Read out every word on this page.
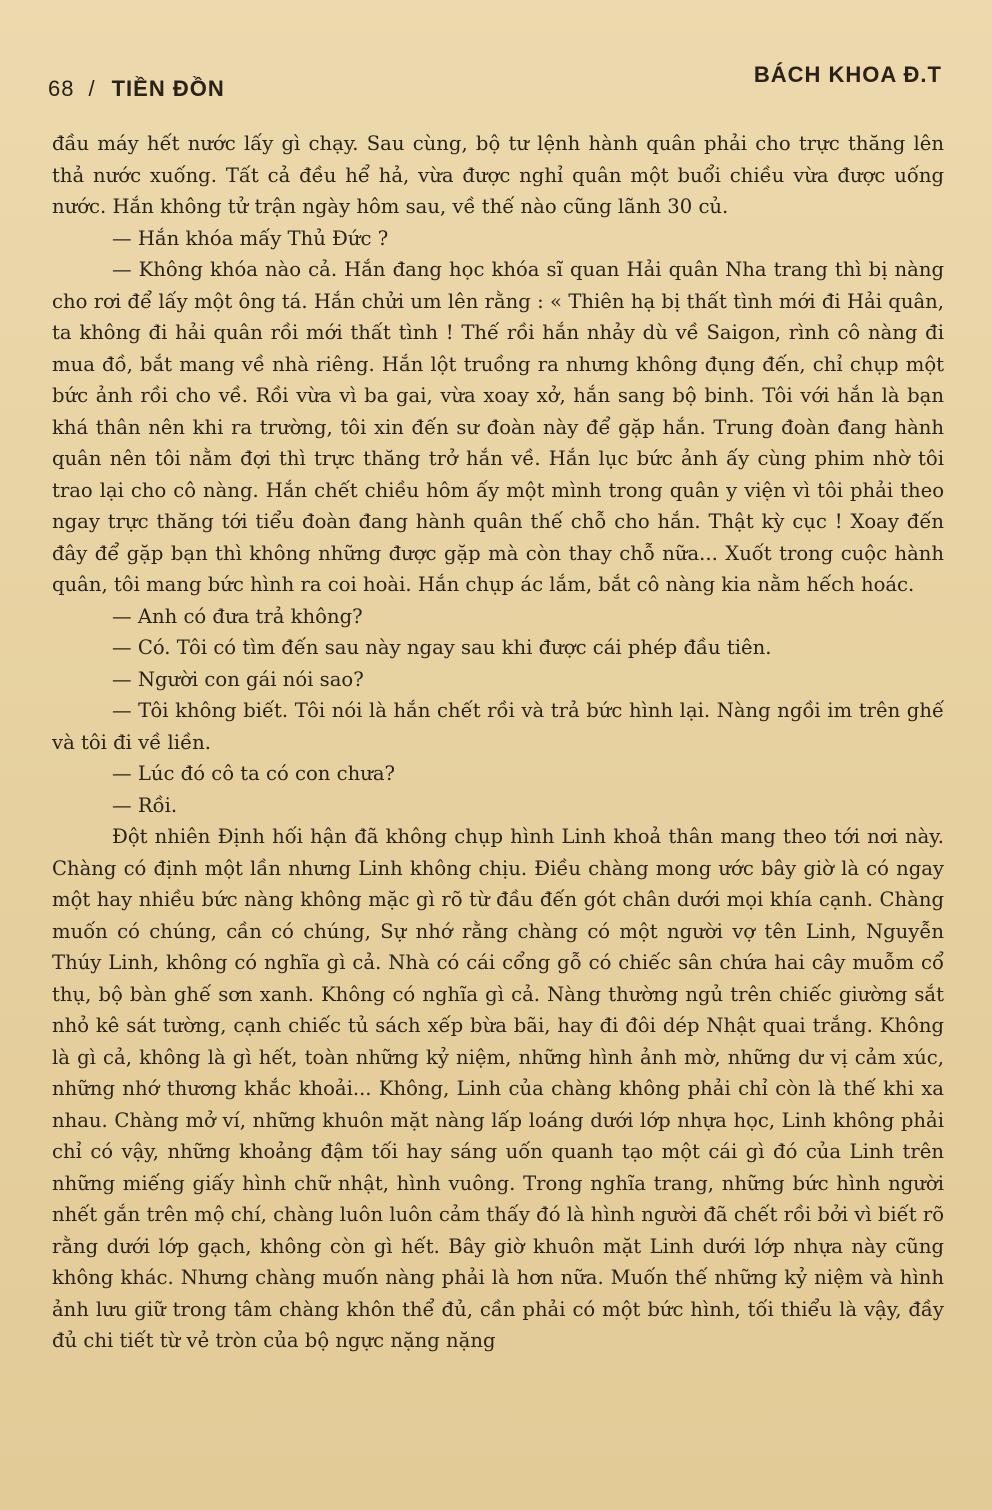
68 / TIỀN ĐỒN
BÁCH KHOA Đ.T

đầu máy hết nước lấy gì chạy. Sau cùng, bộ tư lệnh hành quân phải cho trực thăng lên thả nước xuống. Tất cả đều hể hả, vừa được nghỉ quân một buổi chiều vừa được uống nước. Hắn không tử trận ngày hôm sau, về thế nào cũng lãnh 30 củ.

— Hắn khóa mấy Thủ Đức ?

— Không khóa nào cả. Hắn đang học khóa sĩ quan Hải quân Nha trang thì bị nàng cho rơi để lấy một ông tá. Hắn chửi um lên rằng : « Thiên hạ bị thất tình mới đi Hải quân, ta không đi hải quân rồi mới thất tình ! Thế rồi hắn nhảy dù về Saigon, rình cô nàng đi mua đồ, bắt mang về nhà riêng. Hắn lột truồng ra nhưng không đụng đến, chỉ chụp một bức ảnh rồi cho về. Rồi vừa vì ba gai, vừa xoay xở, hắn sang bộ binh. Tôi với hắn là bạn khá thân nên khi ra trường, tôi xin đến sư đoàn này để gặp hắn. Trung đoàn đang hành quân nên tôi nằm đợi thì trực thăng trở hắn về. Hắn lục bức ảnh ấy cùng phim nhờ tôi trao lại cho cô nàng. Hắn chết chiều hôm ấy một mình trong quân y viện vì tôi phải theo ngay trực thăng tới tiểu đoàn đang hành quân thế chỗ cho hắn. Thật kỳ cục ! Xoay đến đây để gặp bạn thì không những được gặp mà còn thay chỗ nữa... Xuốt trong cuộc hành quân, tôi mang bức hình ra coi hoài. Hắn chụp ác lắm, bắt cô nàng kia nằm hếch hoác.

— Anh có đưa trả không?

— Có. Tôi có tìm đến sau này ngay sau khi được cái phép đầu tiên.

— Người con gái nói sao?

— Tôi không biết. Tôi nói là hắn chết rồi và trả bức hình lại. Nàng ngồi im trên ghế và tôi đi về liền.

— Lúc đó cô ta có con chưa?

— Rồi.

Đột nhiên Định hối hận đã không chụp hình Linh khoả thân mang theo tới nơi này. Chàng có định một lần nhưng Linh không chịu. Điều chàng mong ước bây giờ là có ngay một hay nhiều bức nàng không mặc gì rõ từ đầu đến gót chân dưới mọi khía cạnh. Chàng muốn có chúng, cần có chúng, Sự nhớ rằng chàng có một người vợ tên Linh, Nguyễn Thúy Linh, không có nghĩa gì cả. Nhà có cái cổng gỗ có chiếc sân chứa hai cây muỗm cổ thụ, bộ bàn ghế sơn xanh. Không có nghĩa gì cả. Nàng thường ngủ trên chiếc giường sắt nhỏ kê sát tường, cạnh chiếc tủ sách xếp bừa bãi, hay đi đôi dép Nhật quai trắng. Không là gì cả, không là gì hết, toàn những kỷ niệm, những hình ảnh mờ, những dư vị cảm xúc, những nhớ thương khắc khoải... Không, Linh của chàng không phải chỉ còn là thế khi xa nhau. Chàng mở ví, những khuôn mặt nàng lấp loáng dưới lớp nhựa học, Linh không phải chỉ có vậy, những khoảng đậm tối hay sáng uốn quanh tạo một cái gì đó của Linh trên những miếng giấy hình chữ nhật, hình vuông. Trong nghĩa trang, những bức hình người nhết gắn trên mộ chí, chàng luôn luôn cảm thấy đó là hình người đã chết rồi bởi vì biết rõ rằng dưới lớp gạch, không còn gì hết. Bây giờ khuôn mặt Linh dưới lớp nhựa này cũng không khác. Nhưng chàng muốn nàng phải là hơn nữa. Muốn thế những kỷ niệm và hình ảnh lưu giữ trong tâm chàng khôn thể đủ, cần phải có một bức hình, tối thiểu là vậy, đầy đủ chi tiết từ vẻ tròn của bộ ngực nặng nặng
